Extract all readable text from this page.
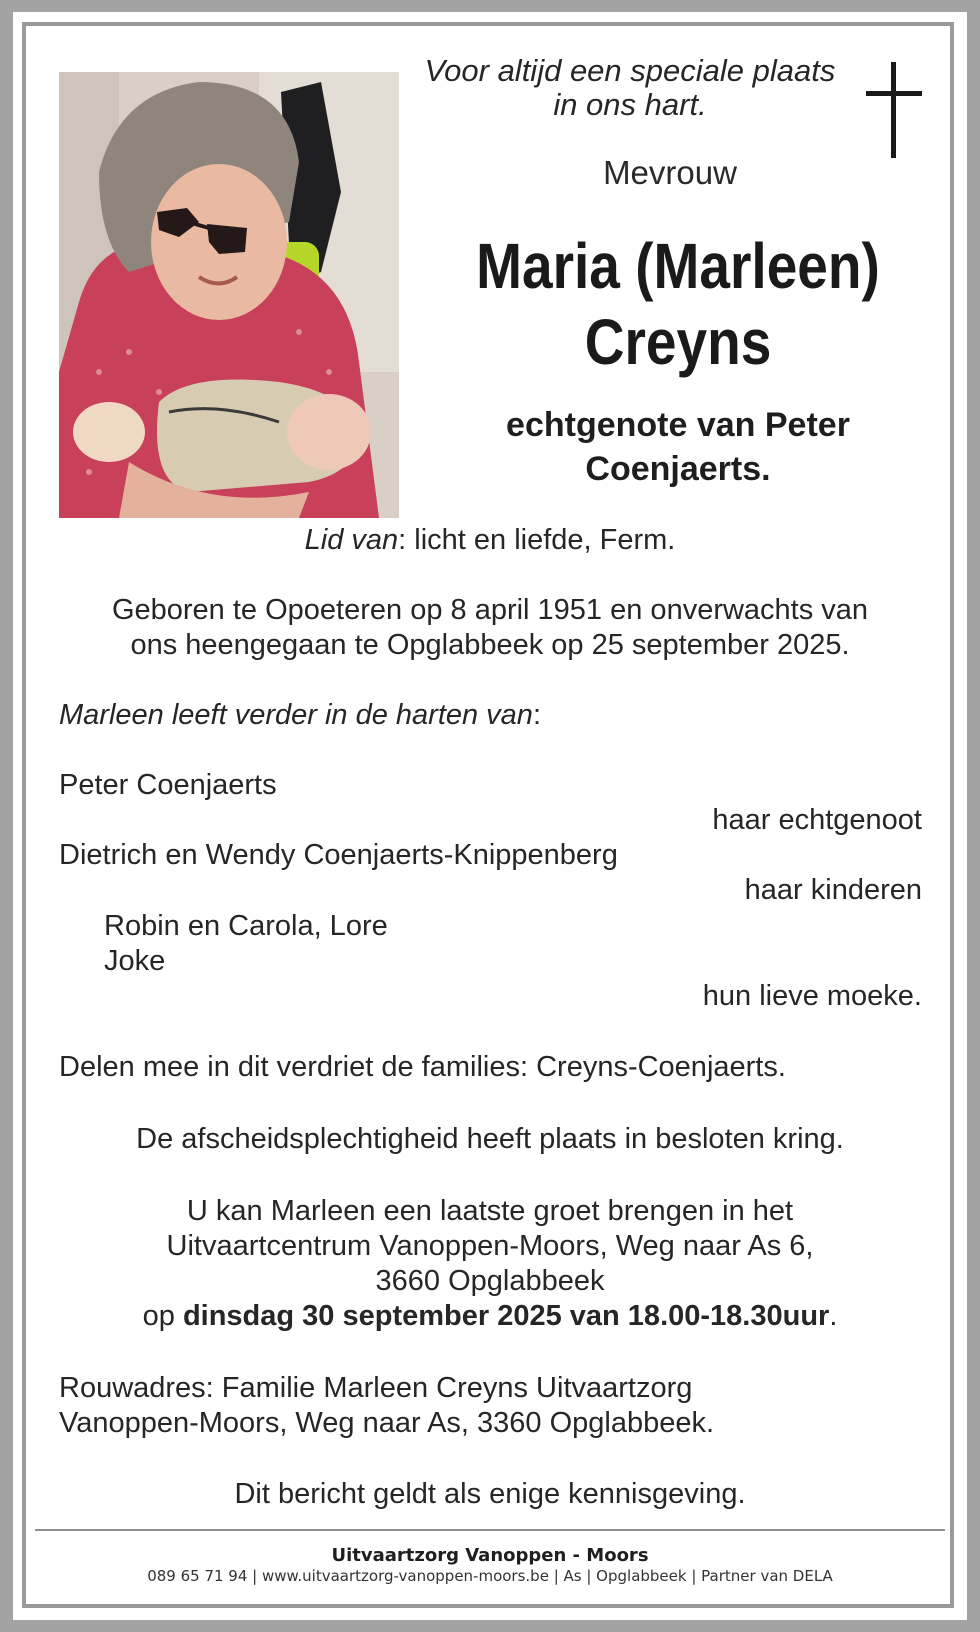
Voor altijd een speciale plaats
in ons hart.
Mevrouw
Maria (Marleen)
Creyns
echtgenote van Peter
Coenjaerts.
Lid van: licht en liefde, Ferm.
Geboren te Opoeteren op 8 april 1951 en onverwachts van
ons heengegaan te Opglabbeek op 25 september 2025.
Marleen leeft verder in de harten van:
Peter Coenjaerts
haar echtgenoot
Dietrich en Wendy Coenjaerts-Knippenberg
haar kinderen
Robin en Carola, Lore
Joke
hun lieve moeke.
Delen mee in dit verdriet de families: Creyns-Coenjaerts.
De afscheidsplechtigheid heeft plaats in besloten kring.
U kan Marleen een laatste groet brengen in het
Uitvaartcentrum Vanoppen-Moors, Weg naar As 6,
3660 Opglabbeek
op dinsdag 30 september 2025 van 18.00-18.30uur.
Rouwadres: Familie Marleen Creyns Uitvaartzorg
Vanoppen-Moors, Weg naar As, 3360 Opglabbeek.
Dit bericht geldt als enige kennisgeving.
Uitvaartzorg Vanoppen - Moors
089 65 71 94 | www.uitvaartzorg-vanoppen-moors.be | As | Opglabbeek | Partner van DELA
